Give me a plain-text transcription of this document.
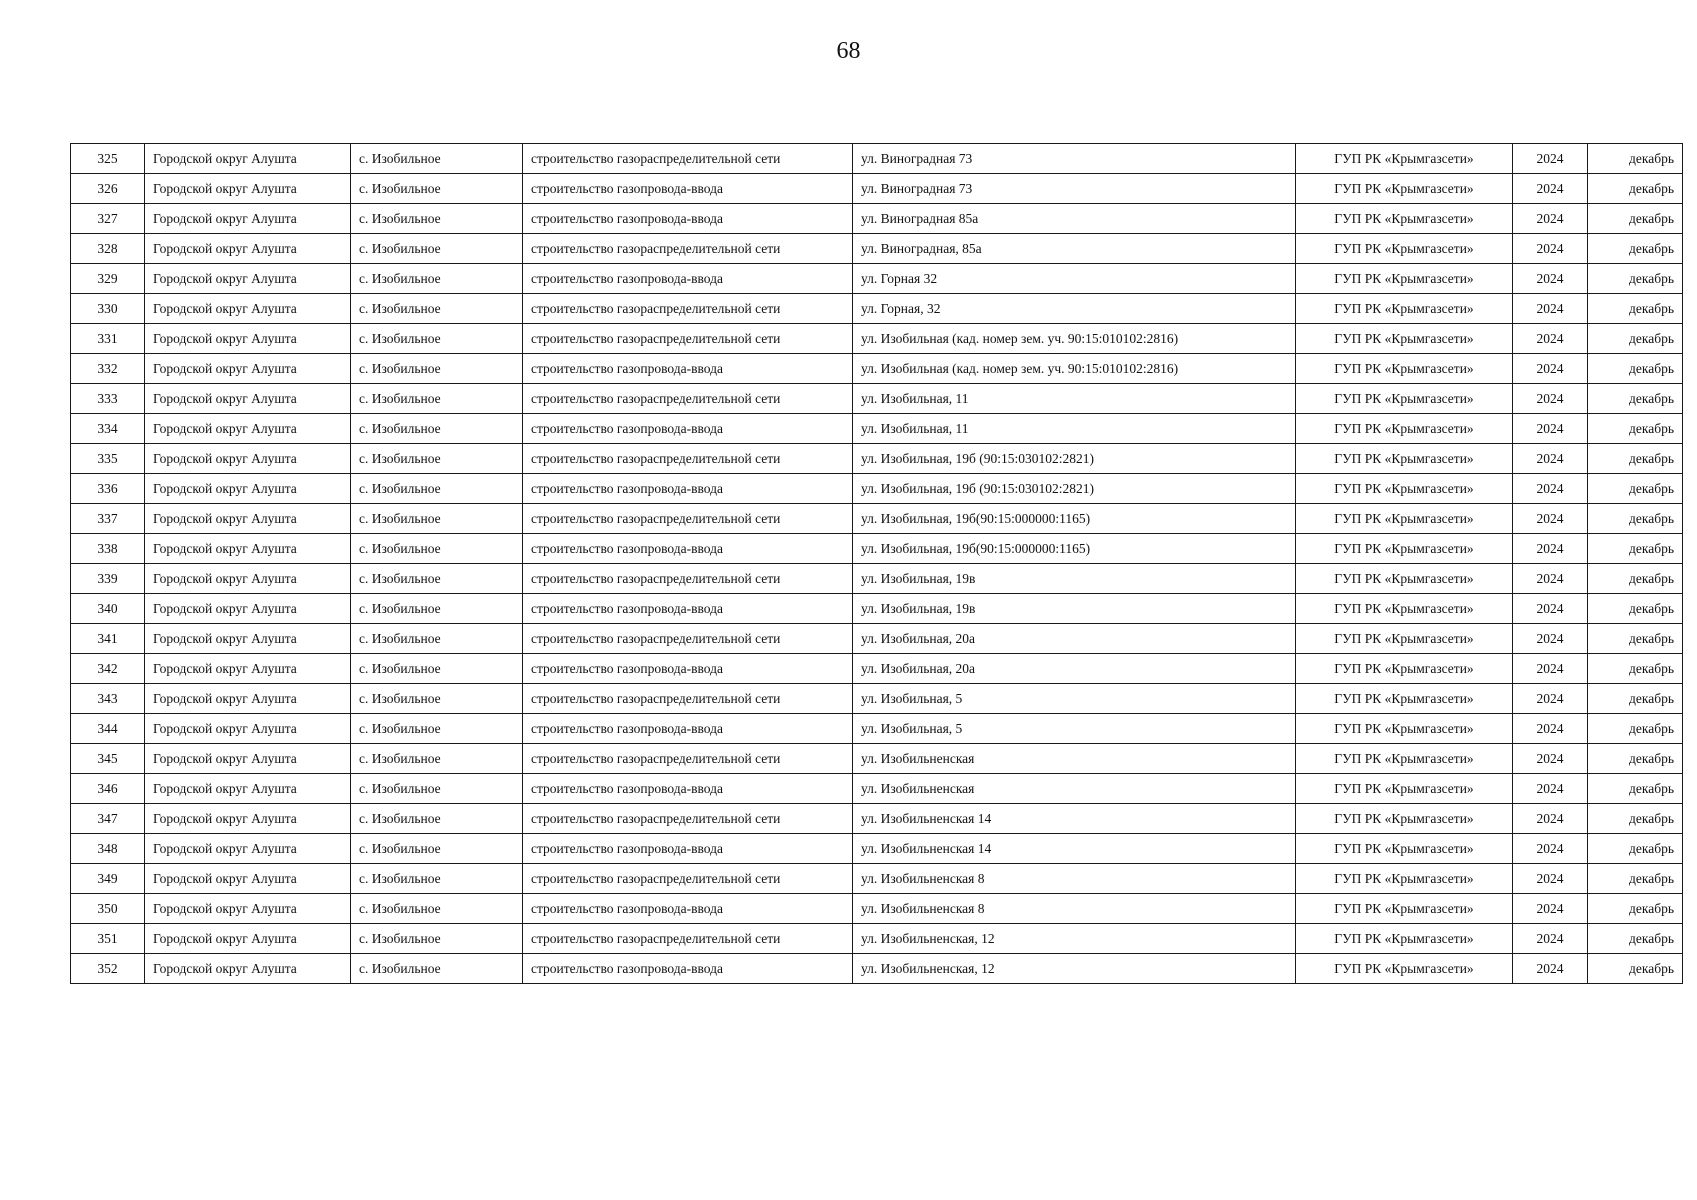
68
325	Городской округ Алушта	с. Изобильное	строительство газораспределительной сети	ул. Виноградная 73	ГУП РК «Крымгазсети»	2024	декабрь
326	Городской округ Алушта	с. Изобильное	строительство газопровода-ввода	ул. Виноградная 73	ГУП РК «Крымгазсети»	2024	декабрь
327	Городской округ Алушта	с. Изобильное	строительство газопровода-ввода	ул. Виноградная 85а	ГУП РК «Крымгазсети»	2024	декабрь
328	Городской округ Алушта	с. Изобильное	строительство газораспределительной сети	ул. Виноградная, 85а	ГУП РК «Крымгазсети»	2024	декабрь
329	Городской округ Алушта	с. Изобильное	строительство газопровода-ввода	ул. Горная 32	ГУП РК «Крымгазсети»	2024	декабрь
330	Городской округ Алушта	с. Изобильное	строительство газораспределительной сети	ул. Горная, 32	ГУП РК «Крымгазсети»	2024	декабрь
331	Городской округ Алушта	с. Изобильное	строительство газораспределительной сети	ул. Изобильная (кад. номер зем. уч. 90:15:010102:2816)	ГУП РК «Крымгазсети»	2024	декабрь
332	Городской округ Алушта	с. Изобильное	строительство газопровода-ввода	ул. Изобильная (кад. номер зем. уч. 90:15:010102:2816)	ГУП РК «Крымгазсети»	2024	декабрь
333	Городской округ Алушта	с. Изобильное	строительство газораспределительной сети	ул. Изобильная, 11	ГУП РК «Крымгазсети»	2024	декабрь
334	Городской округ Алушта	с. Изобильное	строительство газопровода-ввода	ул. Изобильная, 11	ГУП РК «Крымгазсети»	2024	декабрь
335	Городской округ Алушта	с. Изобильное	строительство газораспределительной сети	ул. Изобильная, 19б (90:15:030102:2821)	ГУП РК «Крымгазсети»	2024	декабрь
336	Городской округ Алушта	с. Изобильное	строительство газопровода-ввода	ул. Изобильная, 19б (90:15:030102:2821)	ГУП РК «Крымгазсети»	2024	декабрь
337	Городской округ Алушта	с. Изобильное	строительство газораспределительной сети	ул. Изобильная, 19б(90:15:000000:1165)	ГУП РК «Крымгазсети»	2024	декабрь
338	Городской округ Алушта	с. Изобильное	строительство газопровода-ввода	ул. Изобильная, 19б(90:15:000000:1165)	ГУП РК «Крымгазсети»	2024	декабрь
339	Городской округ Алушта	с. Изобильное	строительство газораспределительной сети	ул. Изобильная, 19в	ГУП РК «Крымгазсети»	2024	декабрь
340	Городской округ Алушта	с. Изобильное	строительство газопровода-ввода	ул. Изобильная, 19в	ГУП РК «Крымгазсети»	2024	декабрь
341	Городской округ Алушта	с. Изобильное	строительство газораспределительной сети	ул. Изобильная, 20а	ГУП РК «Крымгазсети»	2024	декабрь
342	Городской округ Алушта	с. Изобильное	строительство газопровода-ввода	ул. Изобильная, 20а	ГУП РК «Крымгазсети»	2024	декабрь
343	Городской округ Алушта	с. Изобильное	строительство газораспределительной сети	ул. Изобильная, 5	ГУП РК «Крымгазсети»	2024	декабрь
344	Городской округ Алушта	с. Изобильное	строительство газопровода-ввода	ул. Изобильная, 5	ГУП РК «Крымгазсети»	2024	декабрь
345	Городской округ Алушта	с. Изобильное	строительство газораспределительной сети	ул. Изобильненская	ГУП РК «Крымгазсети»	2024	декабрь
346	Городской округ Алушта	с. Изобильное	строительство газопровода-ввода	ул. Изобильненская	ГУП РК «Крымгазсети»	2024	декабрь
347	Городской округ Алушта	с. Изобильное	строительство газораспределительной сети	ул. Изобильненская 14	ГУП РК «Крымгазсети»	2024	декабрь
348	Городской округ Алушта	с. Изобильное	строительство газопровода-ввода	ул. Изобильненская 14	ГУП РК «Крымгазсети»	2024	декабрь
349	Городской округ Алушта	с. Изобильное	строительство газораспределительной сети	ул. Изобильненская 8	ГУП РК «Крымгазсети»	2024	декабрь
350	Городской округ Алушта	с. Изобильное	строительство газопровода-ввода	ул. Изобильненская 8	ГУП РК «Крымгазсети»	2024	декабрь
351	Городской округ Алушта	с. Изобильное	строительство газораспределительной сети	ул. Изобильненская, 12	ГУП РК «Крымгазсети»	2024	декабрь
352	Городской округ Алушта	с. Изобильное	строительство газопровода-ввода	ул. Изобильненская, 12	ГУП РК «Крымгазсети»	2024	декабрь
